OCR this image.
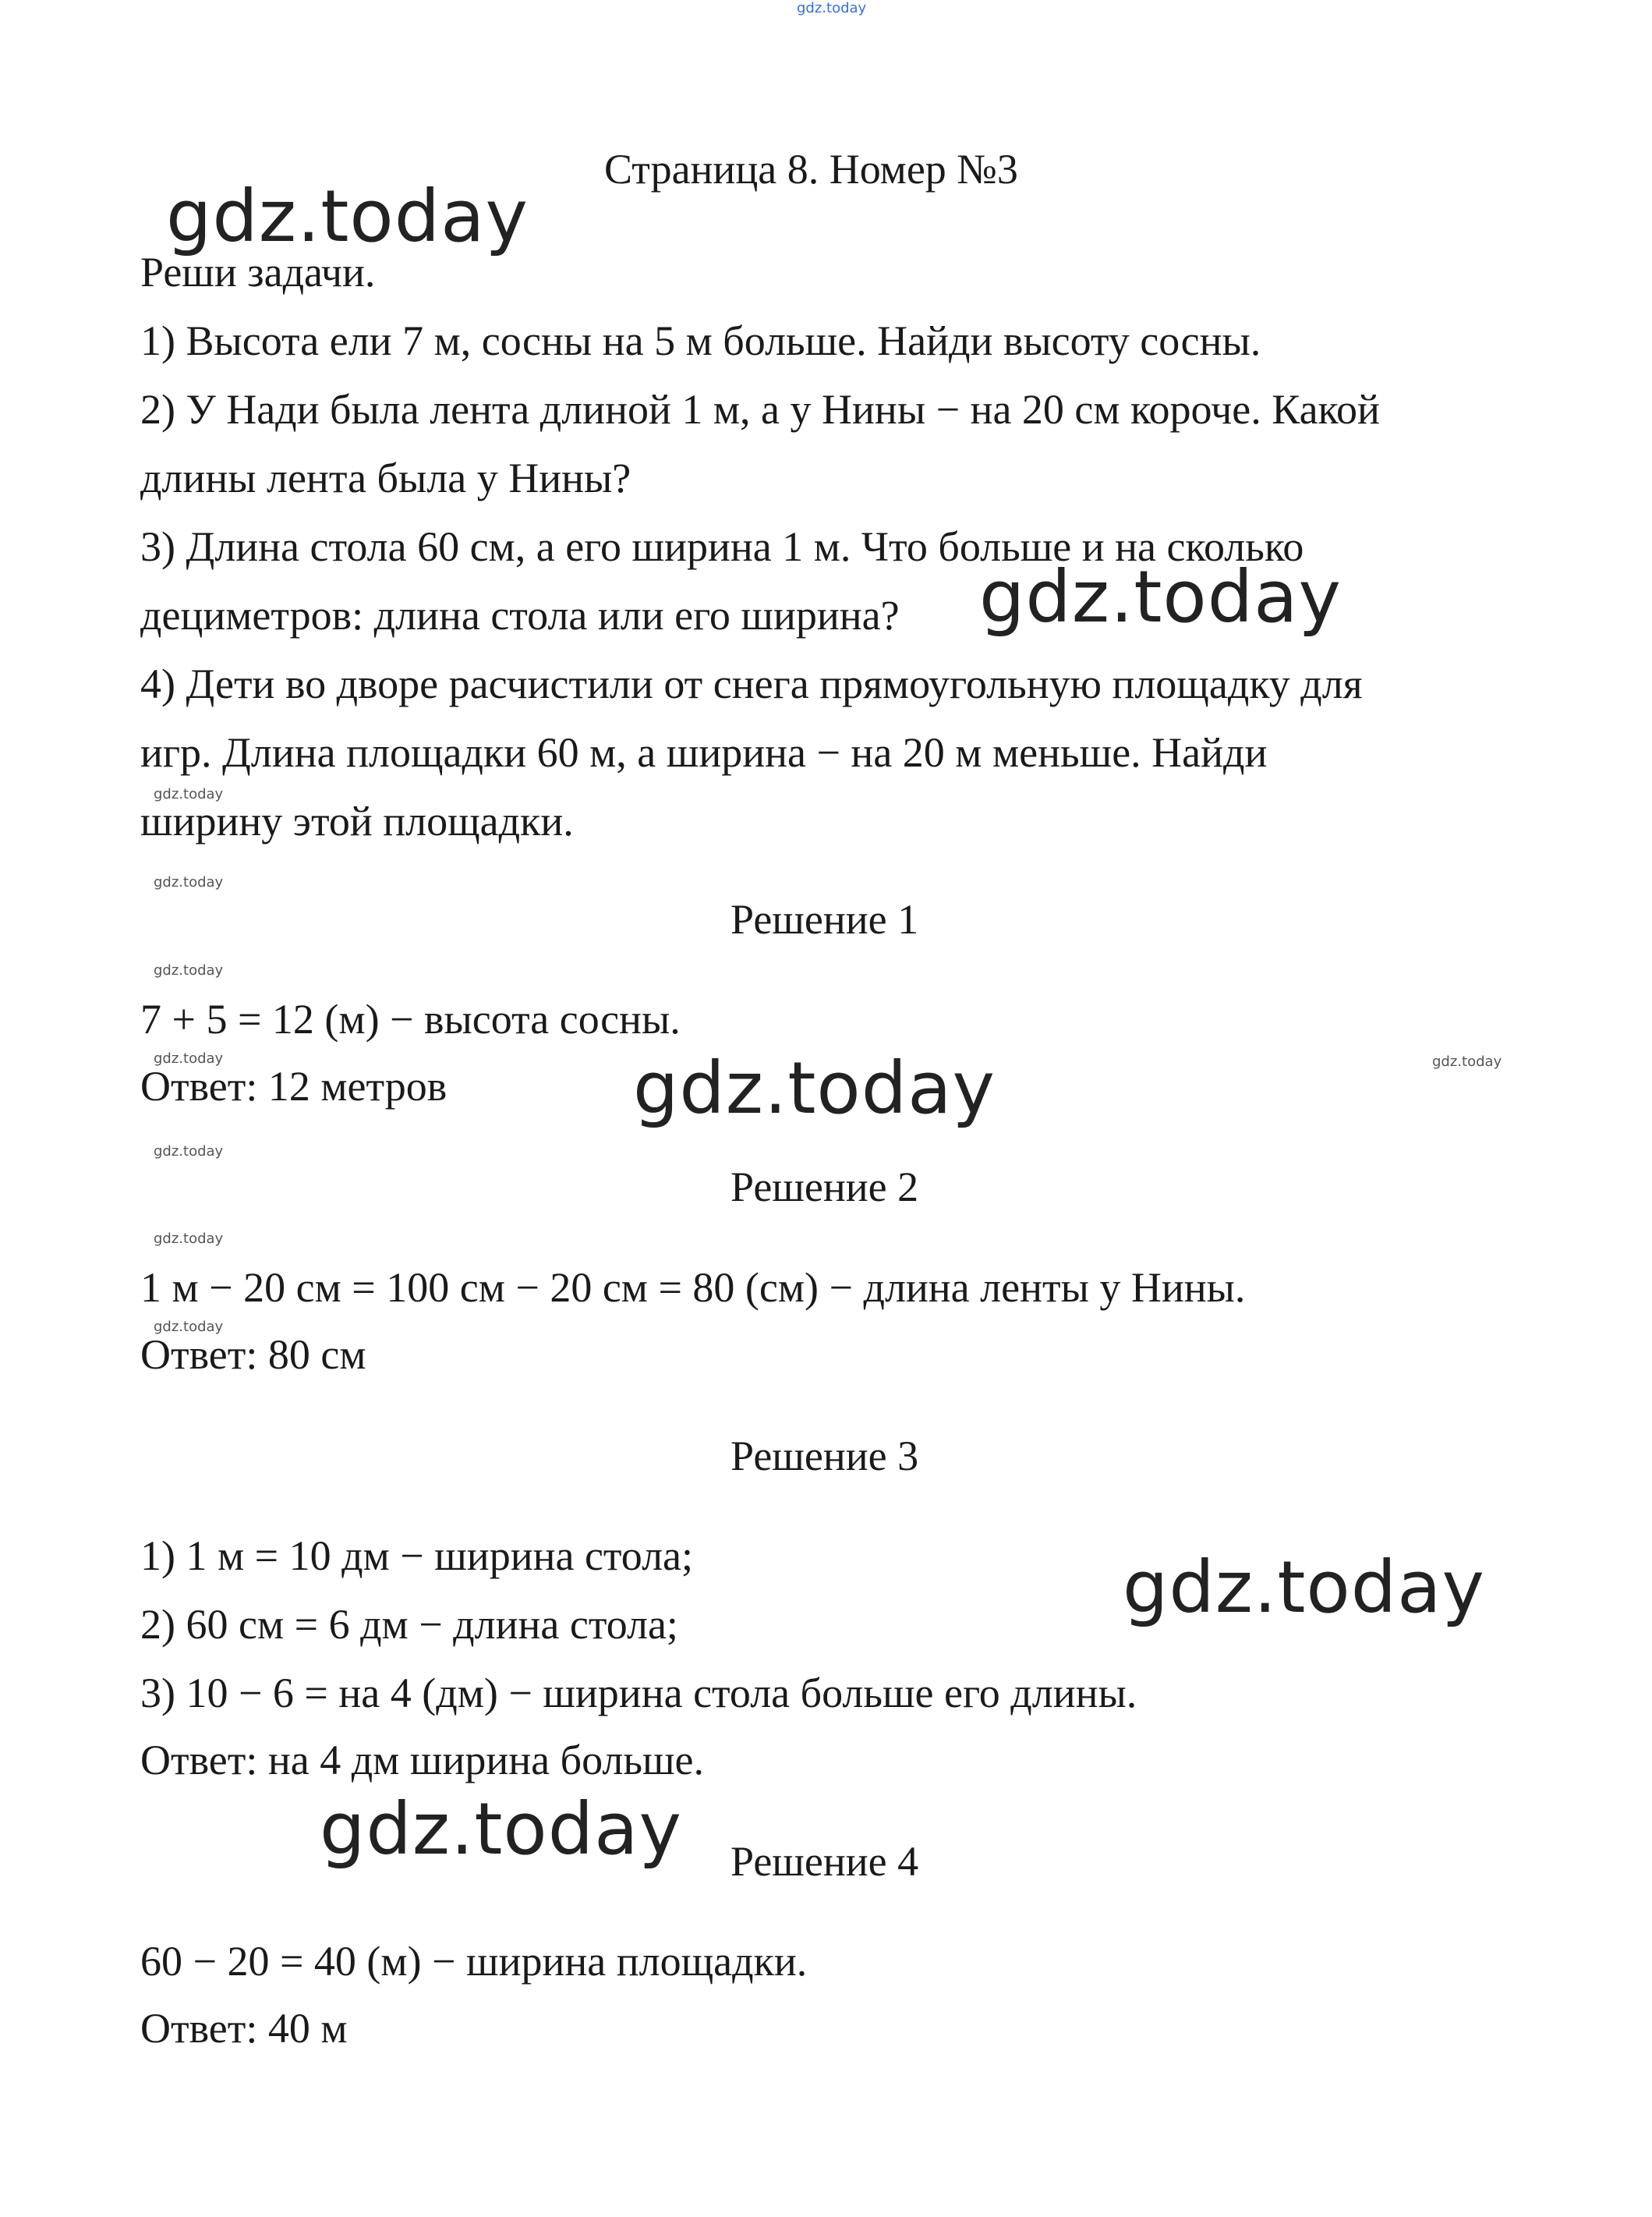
gdz.today
Страница 8. Номер №3
gdz.today
gdz.today
gdz.today
gdz.today
gdz.today
Реши задачи.
1) Высота ели 7 м, сосны на 5 м больше. Найди высоту сосны.
2) У Нади была лента длиной 1 м, а у Нины − на 20 см короче. Какой
длины лента была у Нины?
3) Длина стола 60 см, а его ширина 1 м. Что больше и на сколько
дециметров: длина стола или его ширина?
4) Дети во дворе расчистили от снега прямоугольную площадку для
игр. Длина площадки 60 м, а ширина − на 20 м меньше. Найди
ширину этой площадки.
gdz.today
gdz.today
gdz.today
gdz.today	gdz.today
gdz.today
gdz.today
gdz.today
Решение 1
7 + 5 = 12 (м) − высота сосны.
Ответ: 12 метров
Решение 2
1 м − 20 см = 100 см − 20 см = 80 (см) − длина ленты у Нины.
Ответ: 80 см
Решение 3
1) 1 м = 10 дм − ширина стола;
2) 60 см = 6 дм − длина стола;
3) 10 − 6 = на 4 (дм) − ширина стола больше его длины.
Ответ: на 4 дм ширина больше.
Решение 4
60 − 20 = 40 (м) − ширина площадки.
Ответ: 40 м
